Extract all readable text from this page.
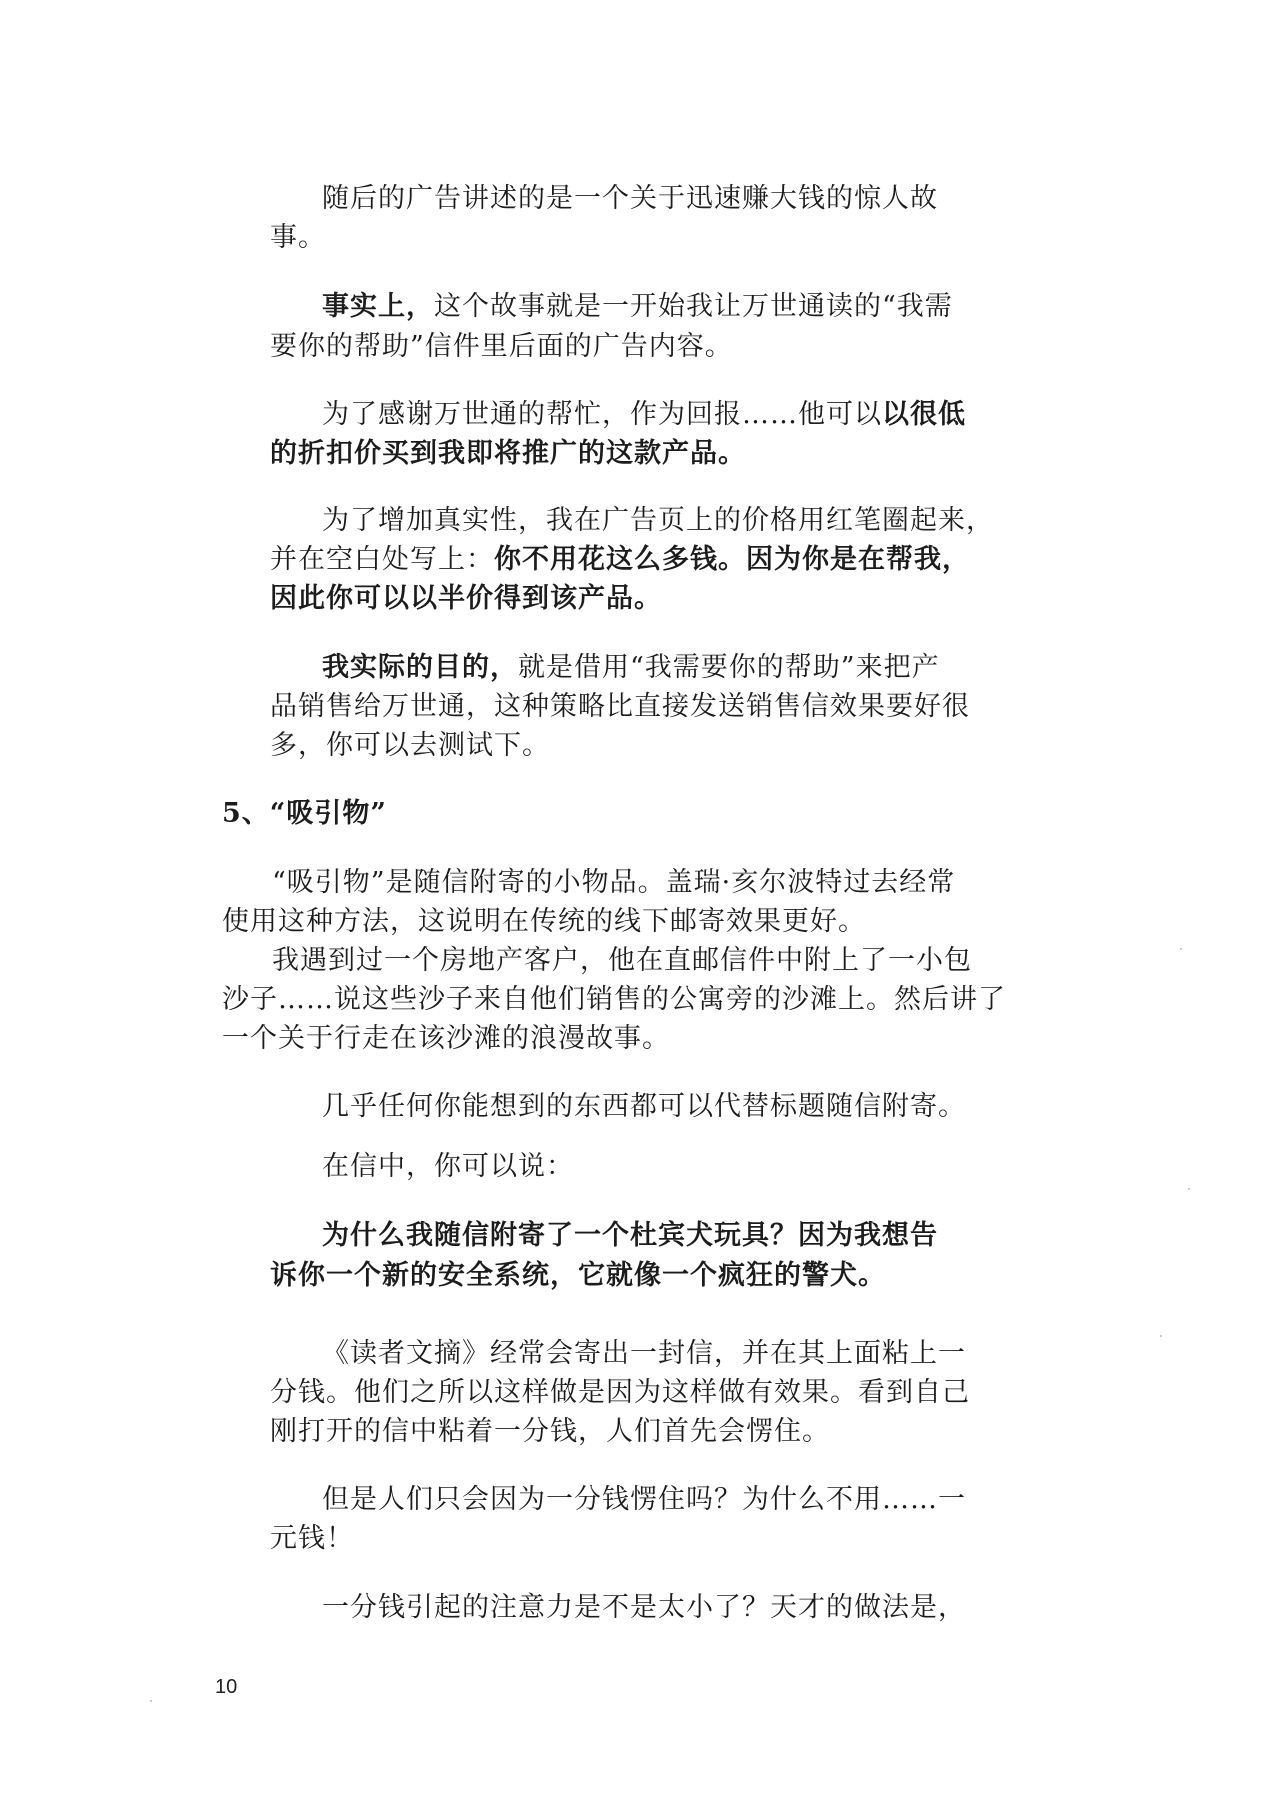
随后的广告讲述的是一个关于迅速赚大钱的惊人故
事。
事实上，这个故事就是一开始我让万世通读的“我需
要你的帮助”信件里后面的广告内容。
为了感谢万世通的帮忙，作为回报……他可以以很低
的折扣价买到我即将推广的这款产品。
为了增加真实性，我在广告页上的价格用红笔圈起来，
并在空白处写上：你不用花这么多钱。因为你是在帮我，
因此你可以以半价得到该产品。
我实际的目的，就是借用“我需要你的帮助”来把产
品销售给万世通，这种策略比直接发送销售信效果要好很
多，你可以去测试下。
5、“吸引物”
“吸引物”是随信附寄的小物品。盖瑞·亥尔波特过去经常
使用这种方法，这说明在传统的线下邮寄效果更好。
我遇到过一个房地产客户，他在直邮信件中附上了一小包
沙子……说这些沙子来自他们销售的公寓旁的沙滩上。然后讲了
一个关于行走在该沙滩的浪漫故事。
几乎任何你能想到的东西都可以代替标题随信附寄。
在信中，你可以说：
为什么我随信附寄了一个杜宾犬玩具？因为我想告
诉你一个新的安全系统，它就像一个疯狂的警犬。
《读者文摘》经常会寄出一封信，并在其上面粘上一
分钱。他们之所以这样做是因为这样做有效果。看到自己
刚打开的信中粘着一分钱，人们首先会愣住。
但是人们只会因为一分钱愣住吗？为什么不用……一
元钱！
一分钱引起的注意力是不是太小了？天才的做法是，
10
